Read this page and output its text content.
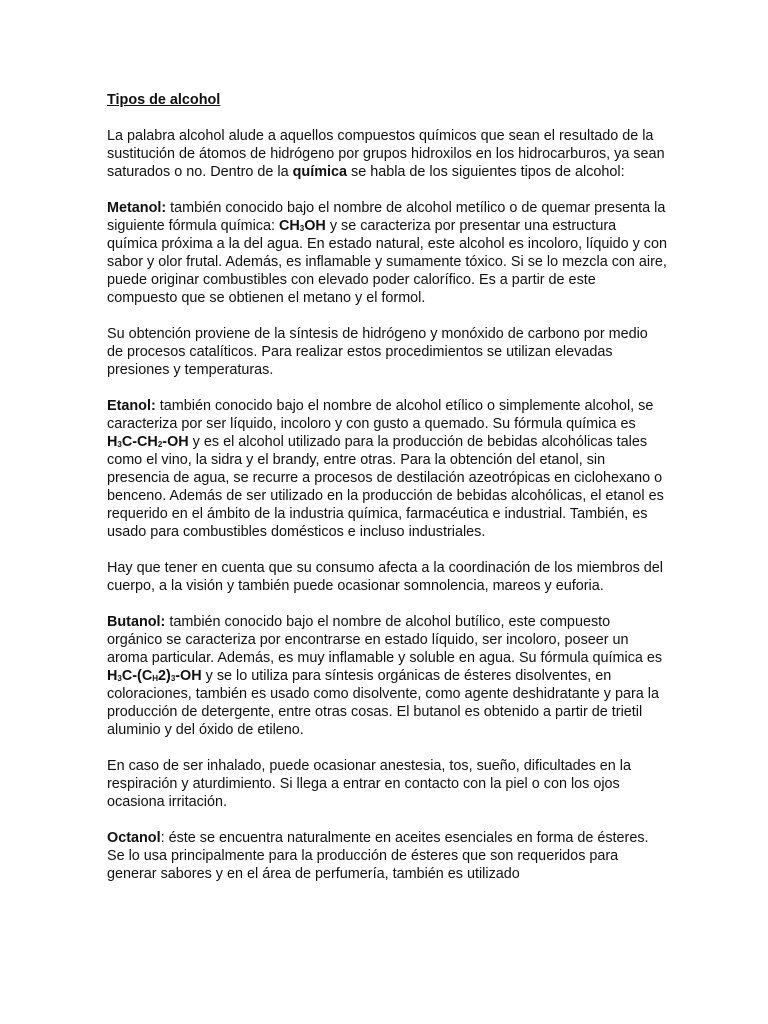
Tipos de alcohol

La palabra alcohol alude a aquellos compuestos químicos que sean el resultado de la sustitución de átomos de hidrógeno por grupos hidroxilos en los hidrocarburos, ya sean saturados o no. Dentro de la química se habla de los siguientes tipos de alcohol:

Metanol: también conocido bajo el nombre de alcohol metílico o de quemar presenta la siguiente fórmula química: $CH_3OH$ y se caracteriza por presentar una estructura química próxima a la del agua. En estado natural, este alcohol es incoloro, líquido y con sabor y olor frutal. Además, es inflamable y sumamente tóxico. Si se lo mezcla con aire, puede originar combustibles con elevado poder calorífico. Es a partir de este compuesto que se obtienen el metano y el formol.

Su obtención proviene de la síntesis de hidrógeno y monóxido de carbono por medio de procesos catalíticos. Para realizar estos procedimientos se utilizan elevadas presiones y temperaturas.

Etanol: también conocido bajo el nombre de alcohol etílico o simplemente alcohol, se caracteriza por ser líquido, incoloro y con gusto a quemado. Su fórmula química es $H_3C-CH_2-OH$ y es el alcohol utilizado para la producción de bebidas alcohólicas tales como el vino, la sidra y el brandy, entre otras. Para la obtención del etanol, sin presencia de agua, se recurre a procesos de destilación azeotrópicas en ciclohexano o benceno. Además de ser utilizado en la producción de bebidas alcohólicas, el etanol es requerido en el ámbito de la industria química, farmacéutica e industrial. También, es usado para combustibles domésticos e incluso industriales.

Hay que tener en cuenta que su consumo afecta a la coordinación de los miembros del cuerpo, a la visión y también puede ocasionar somnolencia, mareos y euforia.

Butanol: también conocido bajo el nombre de alcohol butílico, este compuesto orgánico se caracteriza por encontrarse en estado líquido, ser incoloro, poseer un aroma particular. Además, es muy inflamable y soluble en agua. Su fórmula química es $H_3C-(C_H2)_3-OH$ y se lo utiliza para síntesis orgánicas de ésteres disolventes, en coloraciones, también es usado como disolvente, como agente deshidratante y para la producción de detergente, entre otras cosas. El butanol es obtenido a partir de trietil aluminio y del óxido de etileno.

En caso de ser inhalado, puede ocasionar anestesia, tos, sueño, dificultades en la respiración y aturdimiento. Si llega a entrar en contacto con la piel o con los ojos ocasiona irritación.

Octanol: éste se encuentra naturalmente en aceites esenciales en forma de ésteres. Se lo usa principalmente para la producción de ésteres que son requeridos para generar sabores y en el área de perfumería, también es utilizado
